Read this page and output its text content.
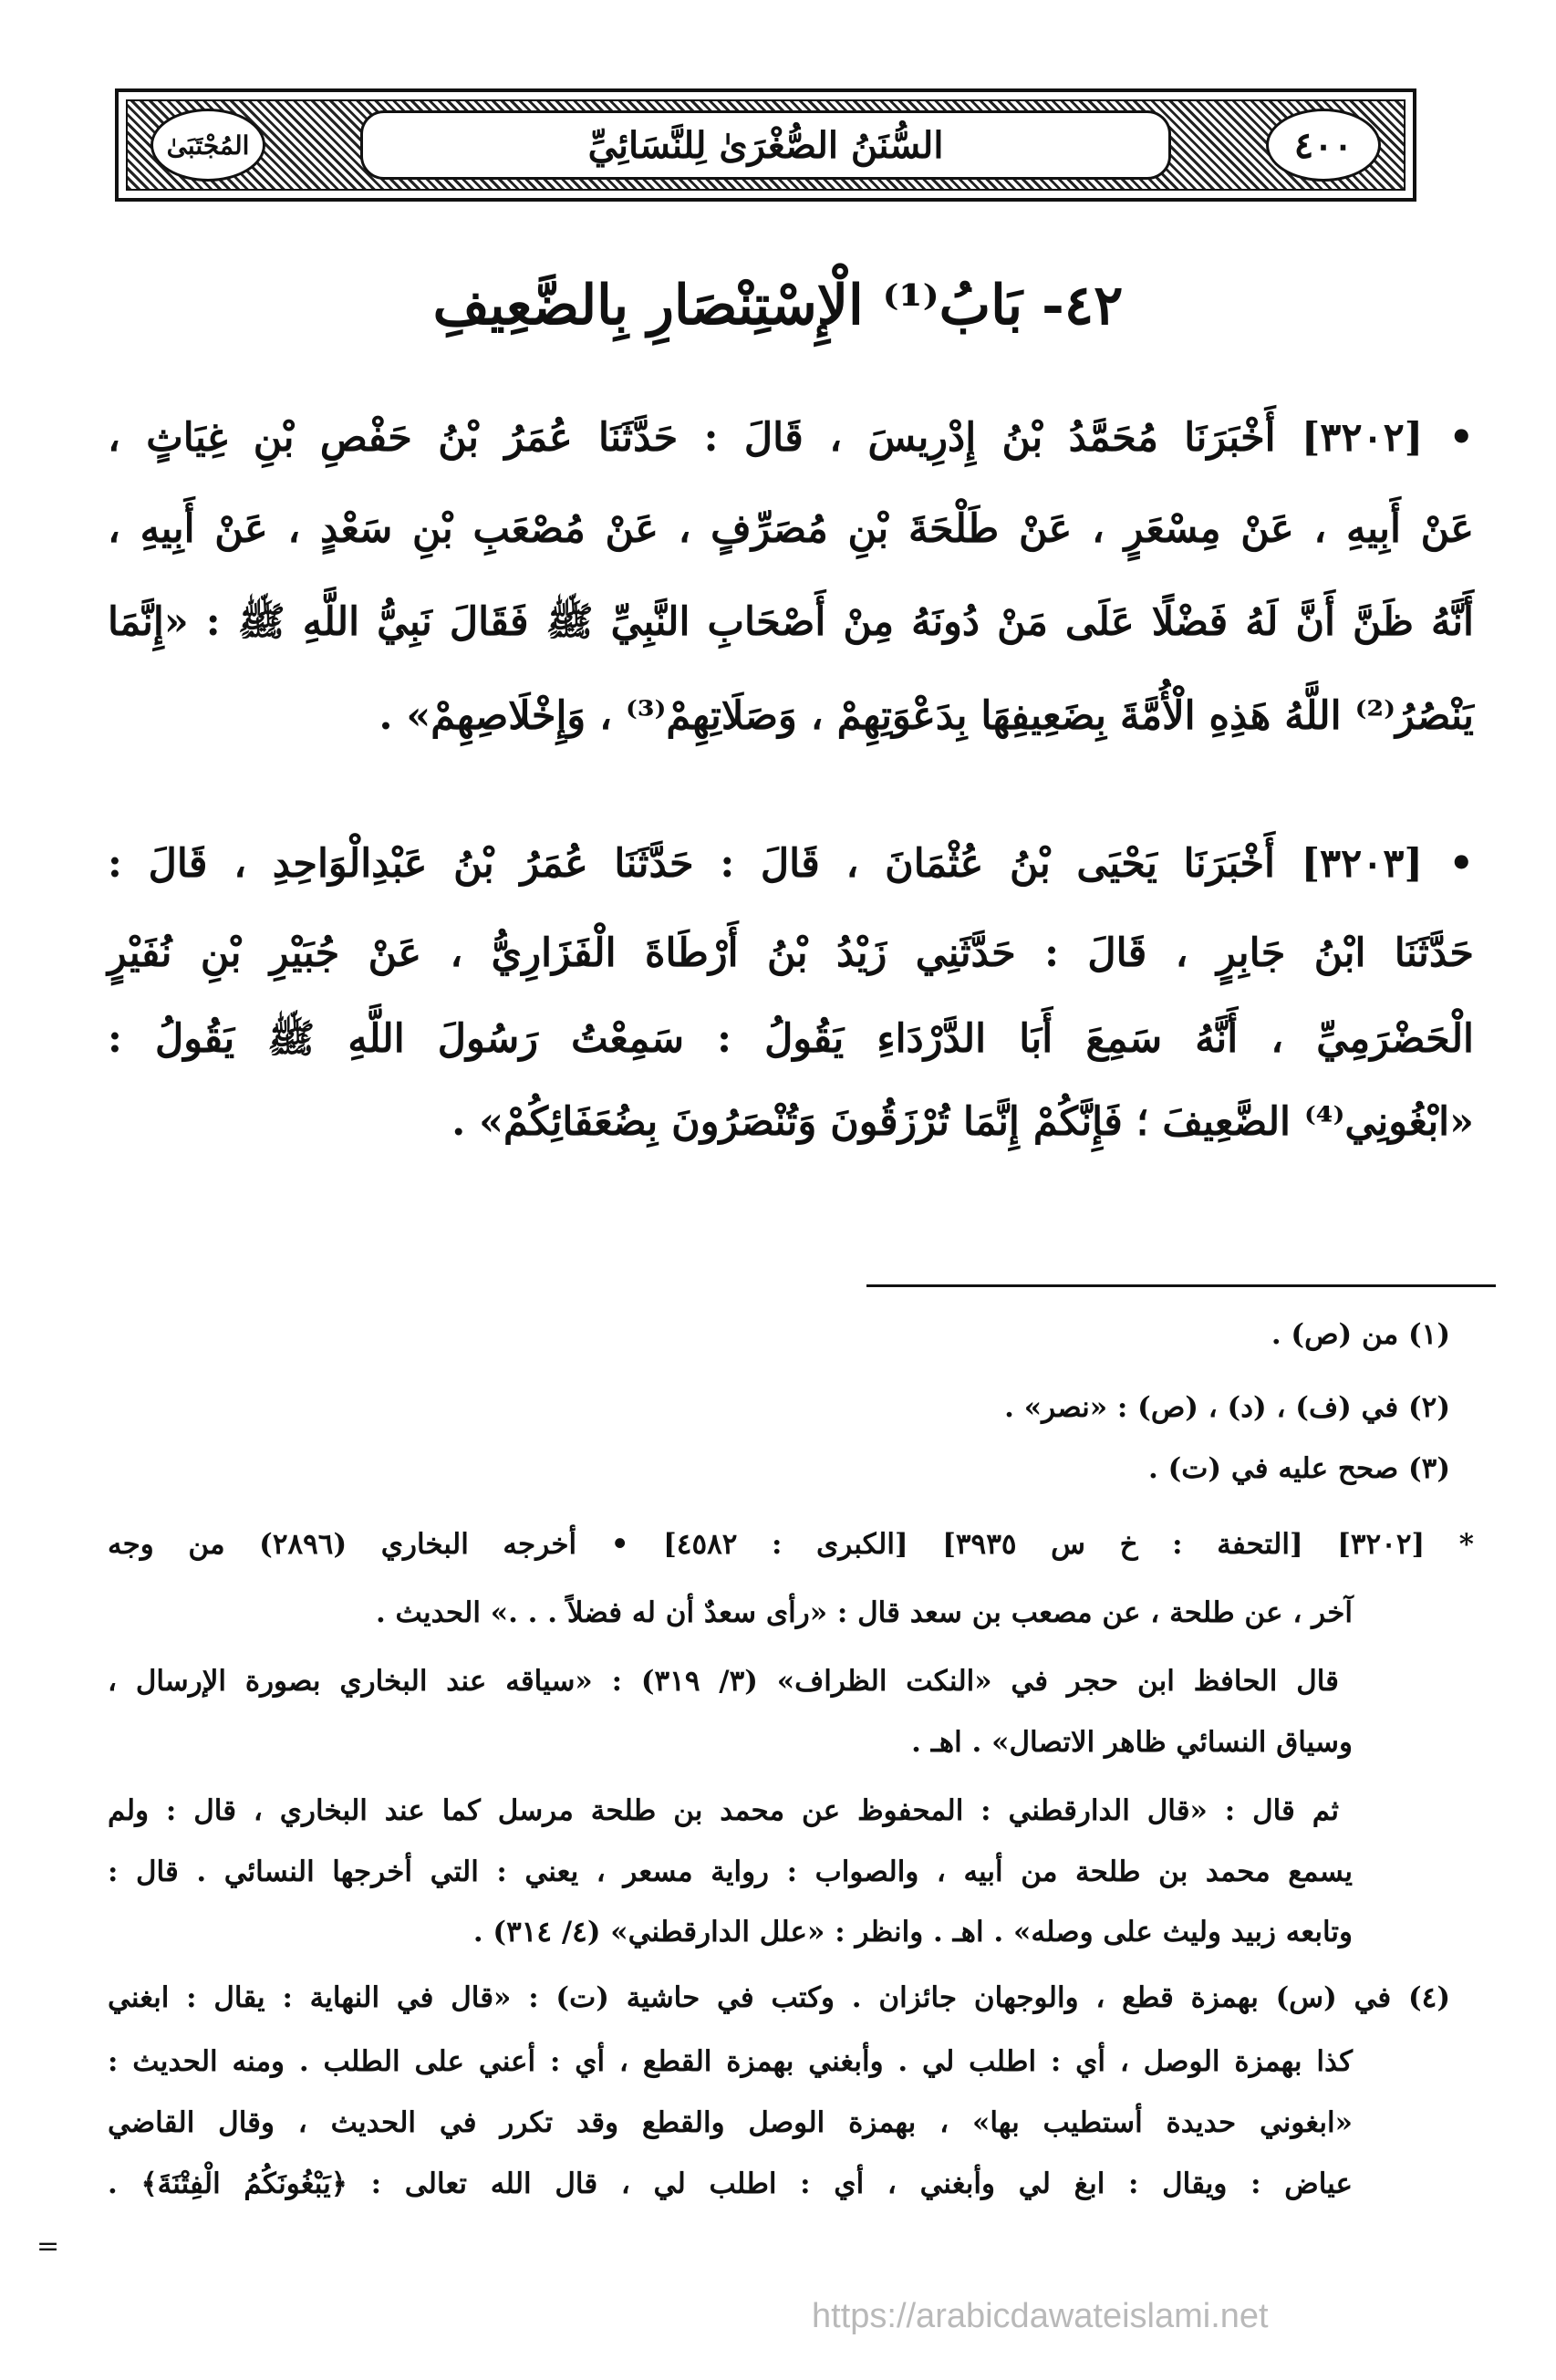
المُجْتَبَىٰ	السُّنَنُ الصُّغْرَىٰ لِلنَّسَائِيِّ	٤٠٠
٤٢- بَابُ⁽¹⁾ الْإِسْتِنْصَارِ بِالضَّعِيفِ
• [٣٢٠٢] أَخْبَرَنَا مُحَمَّدُ بْنُ إِدْرِيسَ ، قَالَ : حَدَّثَنَا عُمَرُ بْنُ حَفْصِ بْنِ غِيَاثٍ ،
عَنْ أَبِيهِ ، عَنْ مِسْعَرٍ ، عَنْ طَلْحَةَ بْنِ مُصَرِّفٍ ، عَنْ مُصْعَبِ بْنِ سَعْدٍ ، عَنْ أَبِيهِ ،
أَنَّهُ ظَنَّ أَنَّ لَهُ فَضْلًا عَلَى مَنْ دُونَهُ مِنْ أَصْحَابِ النَّبِيِّ ﷺ فَقَالَ نَبِيُّ اللَّهِ ﷺ : «إِنَّمَا
يَنْصُرُ⁽²⁾ اللَّهُ هَذِهِ الْأُمَّةَ بِضَعِيفِهَا بِدَعْوَتِهِمْ ، وَصَلَاتِهِمْ⁽³⁾ ، وَإِخْلَاصِهِمْ» .
• [٣٢٠٣] أَخْبَرَنَا يَحْيَى بْنُ عُثْمَانَ ، قَالَ : حَدَّثَنَا عُمَرُ بْنُ عَبْدِالْوَاحِدِ ، قَالَ :
حَدَّثَنَا ابْنُ جَابِرٍ ، قَالَ : حَدَّثَنِي زَيْدُ بْنُ أَرْطَاةَ الْفَزَارِيُّ ، عَنْ جُبَيْرِ بْنِ نُفَيْرٍ
الْحَضْرَمِيِّ ، أَنَّهُ سَمِعَ أَبَا الدَّرْدَاءِ يَقُولُ : سَمِعْتُ رَسُولَ اللَّهِ ﷺ يَقُولُ :
«ابْغُونِي⁽⁴⁾ الضَّعِيفَ ؛ فَإِنَّكُمْ إِنَّمَا تُرْزَقُونَ وَتُنْصَرُونَ بِضُعَفَائِكُمْ» .
(١) من (ص) .
(٢) في (ف) ، (د) ، (ص) : «نصر» .
(٣) صحح عليه في (ت) .
* [٣٢٠٢] [التحفة : خ س ٣٩٣٥] [الكبرى : ٤٥٨٢] • أخرجه البخاري (٢٨٩٦) من وجه
آخر ، عن طلحة ، عن مصعب بن سعد قال : «رأى سعدٌ أن له فضلاً . . .» الحديث .
قال الحافظ ابن حجر في «النكت الظراف» (٣/ ٣١٩) : «سياقه عند البخاري بصورة الإرسال ،
وسياق النسائي ظاهر الاتصال» . اهـ .
ثم قال : «قال الدارقطني : المحفوظ عن محمد بن طلحة مرسل كما عند البخاري ، قال : ولم
يسمع محمد بن طلحة من أبيه ، والصواب : رواية مسعر ، يعني : التي أخرجها النسائي . قال :
وتابعه زبيد وليث على وصله» . اهـ . وانظر : «علل الدارقطني» (٤/ ٣١٤) .
(٤) في (س) بهمزة قطع ، والوجهان جائزان . وكتب في حاشية (ت) : «قال في النهاية : يقال : ابغني
كذا بهمزة الوصل ، أي : اطلب لي . وأبغني بهمزة القطع ، أي : أعني على الطلب . ومنه الحديث :
«ابغوني حديدة أستطيب بها» ، بهمزة الوصل والقطع وقد تكرر في الحديث ، وقال القاضي
عياض : ويقال : ابغ لي وأبغني ، أي : اطلب لي ، قال الله تعالى : ﴿يَبْغُونَكُمُ الْفِتْنَةَ﴾ .
=
https://arabicdawateislami.net
